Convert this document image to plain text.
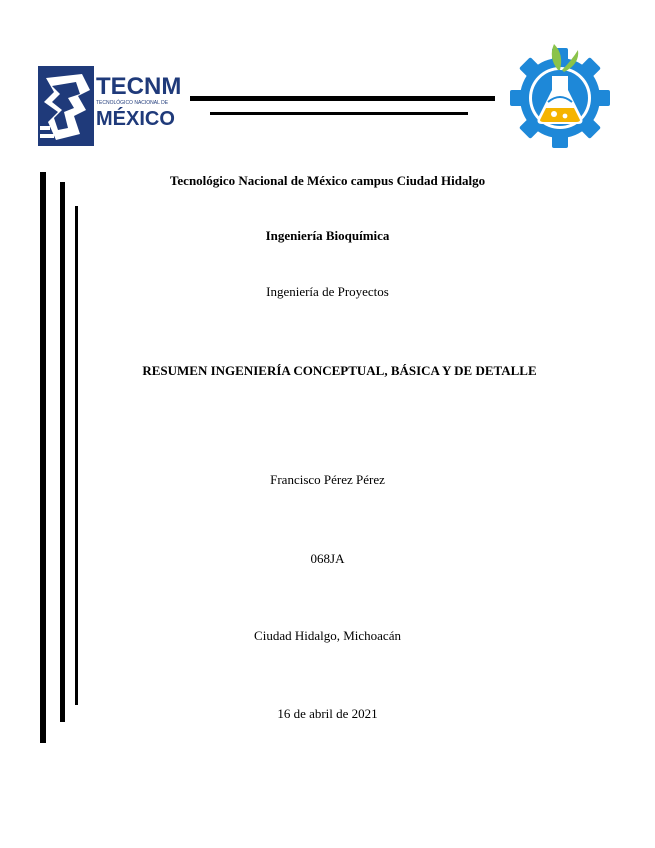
TECNM
TECNOLÓGICO NACIONAL DE
MÉXICO
Tecnológico Nacional de México campus Ciudad Hidalgo
Ingeniería Bioquímica
Ingeniería de Proyectos
RESUMEN INGENIERÍA CONCEPTUAL, BÁSICA Y DE DETALLE
Francisco Pérez Pérez
068JA
Ciudad Hidalgo, Michoacán
16 de abril de 2021
